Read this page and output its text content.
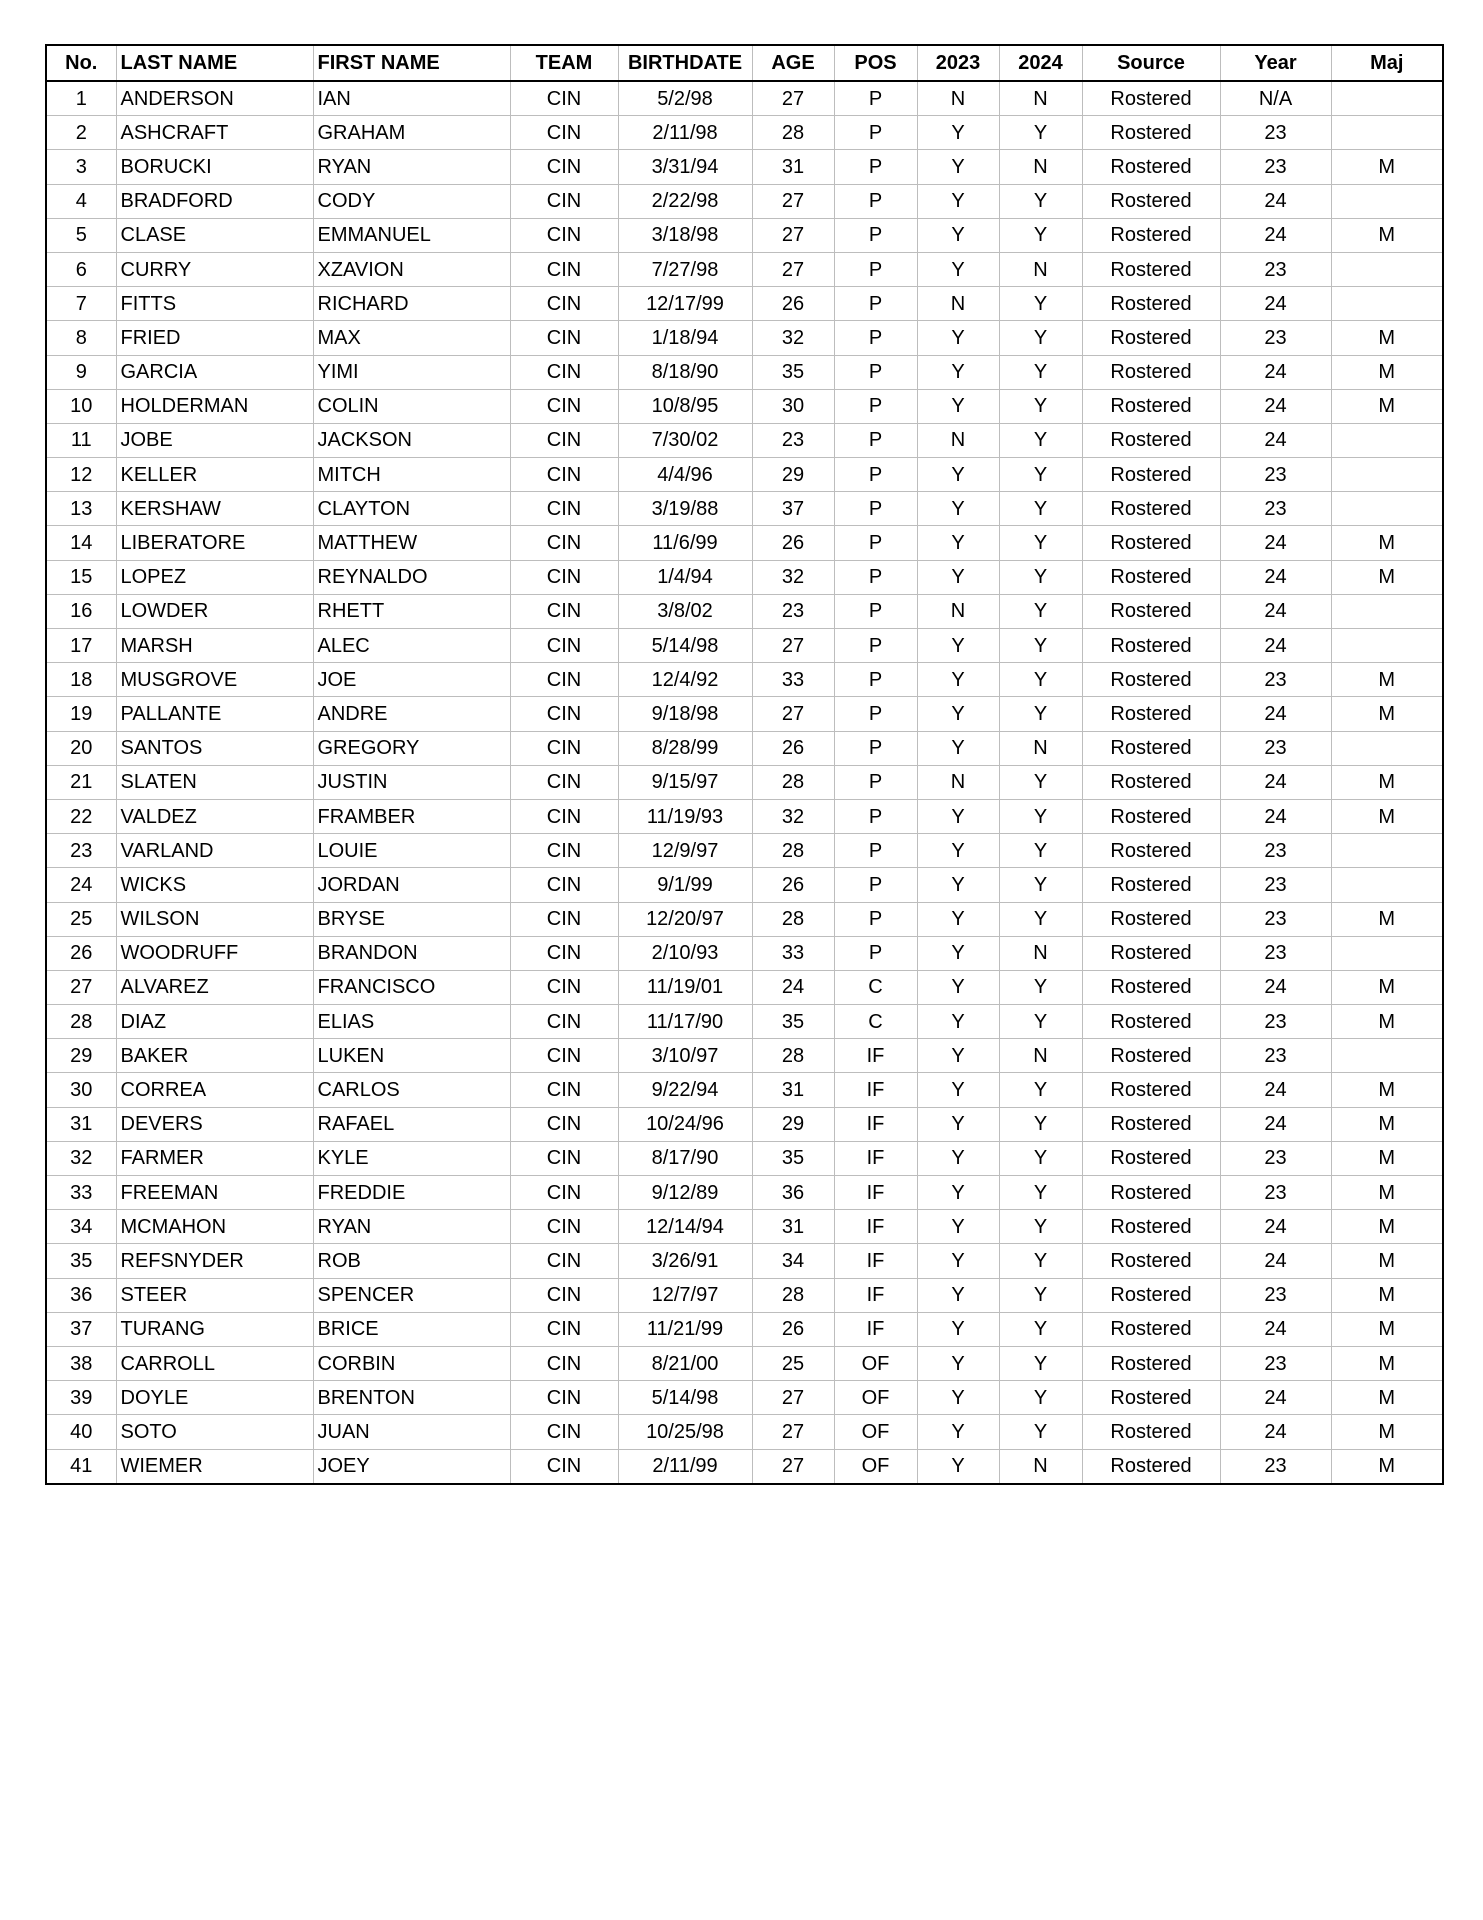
No.	LAST NAME	FIRST NAME	TEAM	BIRTHDATE	AGE	POS	2023	2024	Source	Year	Maj
1	ANDERSON	IAN	CIN	5/2/98	27	P	N	N	Rostered	N/A	
2	ASHCRAFT	GRAHAM	CIN	2/11/98	28	P	Y	Y	Rostered	23	
3	BORUCKI	RYAN	CIN	3/31/94	31	P	Y	N	Rostered	23	M
4	BRADFORD	CODY	CIN	2/22/98	27	P	Y	Y	Rostered	24	
5	CLASE	EMMANUEL	CIN	3/18/98	27	P	Y	Y	Rostered	24	M
6	CURRY	XZAVION	CIN	7/27/98	27	P	Y	N	Rostered	23	
7	FITTS	RICHARD	CIN	12/17/99	26	P	N	Y	Rostered	24	
8	FRIED	MAX	CIN	1/18/94	32	P	Y	Y	Rostered	23	M
9	GARCIA	YIMI	CIN	8/18/90	35	P	Y	Y	Rostered	24	M
10	HOLDERMAN	COLIN	CIN	10/8/95	30	P	Y	Y	Rostered	24	M
11	JOBE	JACKSON	CIN	7/30/02	23	P	N	Y	Rostered	24	
12	KELLER	MITCH	CIN	4/4/96	29	P	Y	Y	Rostered	23	
13	KERSHAW	CLAYTON	CIN	3/19/88	37	P	Y	Y	Rostered	23	
14	LIBERATORE	MATTHEW	CIN	11/6/99	26	P	Y	Y	Rostered	24	M
15	LOPEZ	REYNALDO	CIN	1/4/94	32	P	Y	Y	Rostered	24	M
16	LOWDER	RHETT	CIN	3/8/02	23	P	N	Y	Rostered	24	
17	MARSH	ALEC	CIN	5/14/98	27	P	Y	Y	Rostered	24	
18	MUSGROVE	JOE	CIN	12/4/92	33	P	Y	Y	Rostered	23	M
19	PALLANTE	ANDRE	CIN	9/18/98	27	P	Y	Y	Rostered	24	M
20	SANTOS	GREGORY	CIN	8/28/99	26	P	Y	N	Rostered	23	
21	SLATEN	JUSTIN	CIN	9/15/97	28	P	N	Y	Rostered	24	M
22	VALDEZ	FRAMBER	CIN	11/19/93	32	P	Y	Y	Rostered	24	M
23	VARLAND	LOUIE	CIN	12/9/97	28	P	Y	Y	Rostered	23	
24	WICKS	JORDAN	CIN	9/1/99	26	P	Y	Y	Rostered	23	
25	WILSON	BRYSE	CIN	12/20/97	28	P	Y	Y	Rostered	23	M
26	WOODRUFF	BRANDON	CIN	2/10/93	33	P	Y	N	Rostered	23	
27	ALVAREZ	FRANCISCO	CIN	11/19/01	24	C	Y	Y	Rostered	24	M
28	DIAZ	ELIAS	CIN	11/17/90	35	C	Y	Y	Rostered	23	M
29	BAKER	LUKEN	CIN	3/10/97	28	IF	Y	N	Rostered	23	
30	CORREA	CARLOS	CIN	9/22/94	31	IF	Y	Y	Rostered	24	M
31	DEVERS	RAFAEL	CIN	10/24/96	29	IF	Y	Y	Rostered	24	M
32	FARMER	KYLE	CIN	8/17/90	35	IF	Y	Y	Rostered	23	M
33	FREEMAN	FREDDIE	CIN	9/12/89	36	IF	Y	Y	Rostered	23	M
34	MCMAHON	RYAN	CIN	12/14/94	31	IF	Y	Y	Rostered	24	M
35	REFSNYDER	ROB	CIN	3/26/91	34	IF	Y	Y	Rostered	24	M
36	STEER	SPENCER	CIN	12/7/97	28	IF	Y	Y	Rostered	23	M
37	TURANG	BRICE	CIN	11/21/99	26	IF	Y	Y	Rostered	24	M
38	CARROLL	CORBIN	CIN	8/21/00	25	OF	Y	Y	Rostered	23	M
39	DOYLE	BRENTON	CIN	5/14/98	27	OF	Y	Y	Rostered	24	M
40	SOTO	JUAN	CIN	10/25/98	27	OF	Y	Y	Rostered	24	M
41	WIEMER	JOEY	CIN	2/11/99	27	OF	Y	N	Rostered	23	M
